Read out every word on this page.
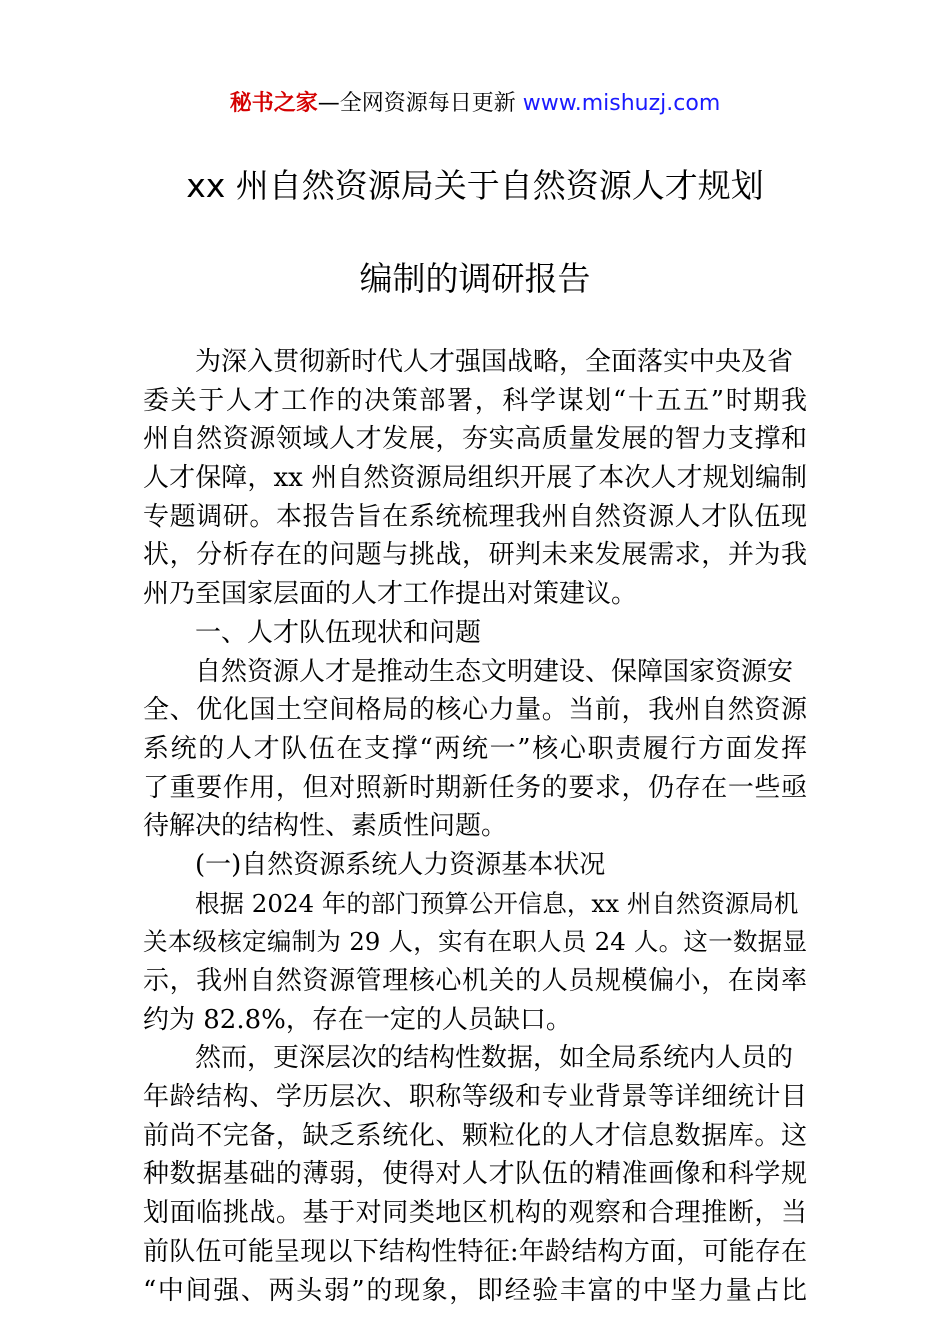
秘书之家—全网资源每日更新 www.mishuzj.com
xx 州自然资源局关于自然资源人才规划
编制的调研报告
为深入贯彻新时代人才强国战略，全面落实中央及省
委关于人才工作的决策部署，科学谋划“十五五”时期我
州自然资源领域人才发展，夯实高质量发展的智力支撑和
人才保障，xx 州自然资源局组织开展了本次人才规划编制
专题调研。本报告旨在系统梳理我州自然资源人才队伍现
状，分析存在的问题与挑战，研判未来发展需求，并为我
州乃至国家层面的人才工作提出对策建议。
一、人才队伍现状和问题
自然资源人才是推动生态文明建设、保障国家资源安
全、优化国土空间格局的核心力量。当前，我州自然资源
系统的人才队伍在支撑“两统一”核心职责履行方面发挥
了重要作用，但对照新时期新任务的要求，仍存在一些亟
待解决的结构性、素质性问题。
(一)自然资源系统人力资源基本状况
根据 2024 年的部门预算公开信息，xx 州自然资源局机
关本级核定编制为 29 人，实有在职人员 24 人。这一数据显
示，我州自然资源管理核心机关的人员规模偏小，在岗率
约为 82.8%，存在一定的人员缺口。
然而，更深层次的结构性数据，如全局系统内人员的
年龄结构、学历层次、职称等级和专业背景等详细统计目
前尚不完备，缺乏系统化、颗粒化的人才信息数据库。这
种数据基础的薄弱，使得对人才队伍的精准画像和科学规
划面临挑战。基于对同类地区机构的观察和合理推断，当
前队伍可能呈现以下结构性特征:年龄结构方面，可能存在
“中间强、两头弱”的现象，即经验丰富的中坚力量占比
